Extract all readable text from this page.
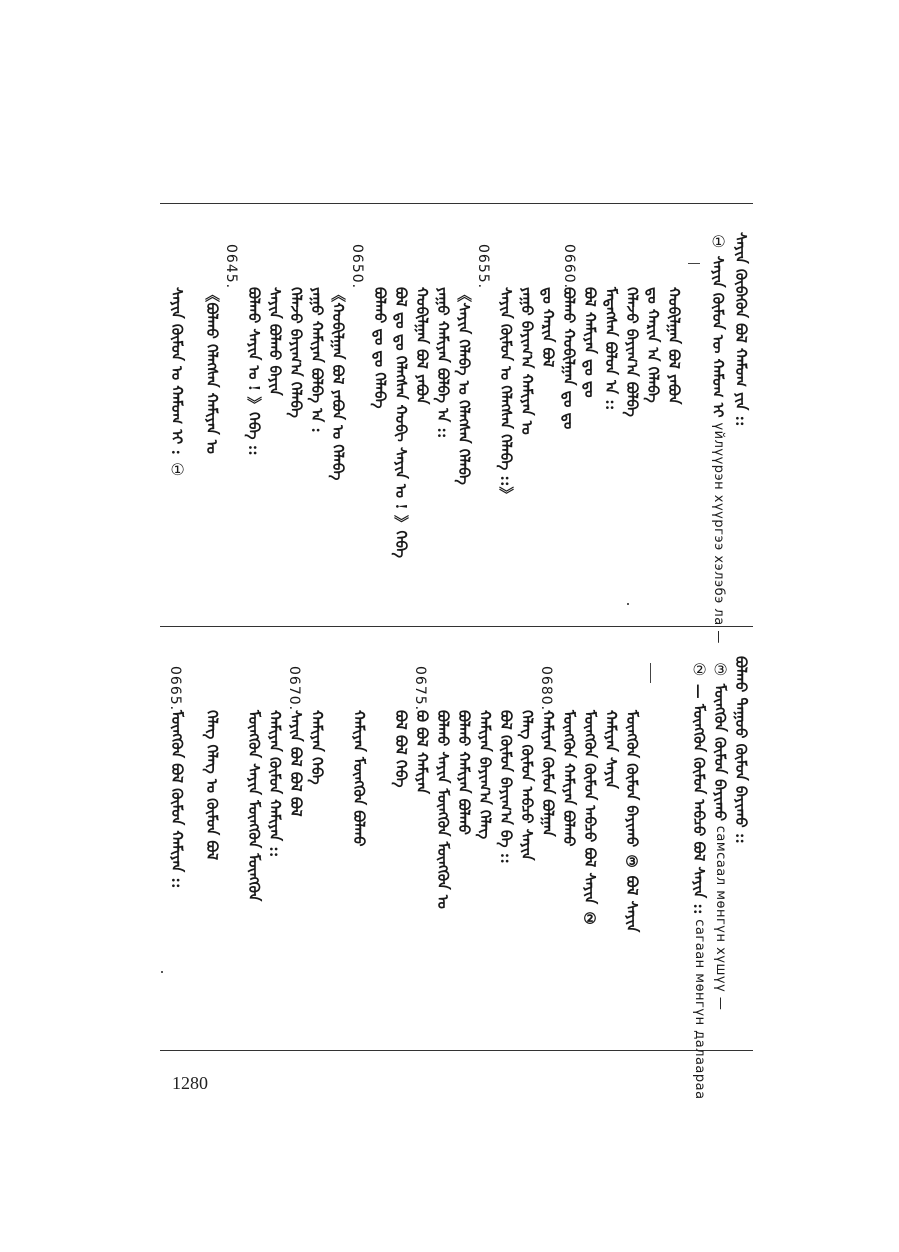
ᠰᠠᠶᠢᠨ ᠬᠥᠪᠡᠭᠦᠨ ᠪᠣᠯ ᠬᠠᠮᠤᠭ ᠶᠢᠨ ::
① ᠰᠠᠶᠢᠨ ᠬᠦᠮᠦᠨ ᠦ ᠬᠠᠮᠤᠭ ᠢ үйлүүрэн хүүргээ хэлэбэ ла —
ᠬᠤᠪᠢᠯᠭᠠᠨ ᠪᠣᠯ ᠶᠠᠪᠤᠨ
ᠳᠤ ᠬᠠᠷᠢᠨ ᠠ ᠬᠡᠯᠡᠪᠡ
ᠬᠡᠯᠡᠵᠦ ᠪᠠᠶᠢᠭ᠎ᠠ ᠪᠣᠯᠪᠠ
ᠮᠡᠳᠡᠭᠰᠡᠨ ᠪᠣᠯᠤᠨ ᠠ ::
ᠪᠣᠯ ᠬᠠᠮᠢᠶᠠᠨ ᠳᠤ ᠳᠤ
ᠪᠣᠯᠬᠤ ᠬᠤᠪᠢᠯᠭᠠᠨ ᠳᠤ ᠳᠤ
ᠳᠤ ᠬᠠᠷᠢᠨ ᠪᠣᠯ
ᠶᠠᠭᠤ ᠪᠠᠶᠢᠭ᠎ᠠ ᠬᠠᠮᠢᠶᠠᠨ ᠤ
ᠰᠠᠶᠢᠨ ᠬᠦᠮᠦᠨ ᠤ ᠬᠡᠯᠡᠭᠰᠡᠨ ᠬᠡᠯᠡᠪᠡ ::》
《ᠰᠠᠶᠢᠨ ᠬᠡᠯᠡᠪᠡ ᠤ ᠬᠡᠯᠡᠭᠰᠡᠨ ᠬᠡᠯᠡᠪᠡ
ᠶᠠᠭᠤ ᠬᠠᠮᠢᠶᠠᠨ ᠪᠣᠯᠪᠠ ᠠ ::
ᠬᠤᠪᠢᠯᠭᠠᠨ ᠪᠣᠯ ᠶᠠᠪᠤᠨ
ᠪᠣᠯ ᠳᠤ ᠳᠤ ᠬᠡᠯᠡᠭᠰᠡᠨ ᠬᠤᠪᠢ ᠰᠠᠶᠢᠨ ᠤ ! 》ᠬᠡᠪᠡ
ᠪᠣᠯᠬᠤ ᠳᠤ ᠳᠤ ᠬᠡᠯᠡᠪᠡ
《ᠬᠤᠪᠢᠯᠭᠠᠨ ᠪᠣᠯ ᠶᠠᠪᠤᠨ ᠤ ᠬᠡᠯᠡᠪᠡ
ᠶᠠᠭᠤ ᠬᠠᠮᠢᠶᠠᠨ ᠪᠣᠯᠪᠠ ᠠ :
ᠬᠡᠯᠡᠵᠦ ᠪᠠᠶᠢᠭ᠎ᠠ ᠬᠡᠯᠡᠪᠡ
ᠰᠠᠶᠢᠨ ᠪᠣᠯᠬᠤ ᠪᠠᠶᠢᠨ
ᠪᠣᠯᠬᠤ ᠰᠠᠶᠢᠨ ᠤ ! 》ᠬᠡᠪᠡ ::
《ᠪᠣᠯᠬᠤ ᠬᠡᠯᠡᠭᠰᠡᠨ ᠬᠠᠮᠢᠶᠠᠨ ᠤ
ᠰᠠᠶᠢᠨ ᠬᠦᠮᠦᠨ ᠤ ᠬᠠᠮᠤᠭ ᠢ : ①
0660.
0655.
0650.
0645.
ᠪᠣᠯᠬᠤ ᠳᠠᠭᠤᠤ ᠬᠦᠮᠦᠨ ᠪᠠᠶᠢᠬᠤ ::
③ ᠮᠦᠩᠭᠦᠨ ᠬᠦᠮᠦᠨ ᠪᠠᠶᠢᠬᠤ самсаал мөнгүн хүшүү —
② — ᠮᠦᠩᠭᠦᠨ ᠬᠦᠮᠦᠨ ᠠᠪᠴᠤ ᠪᠣᠯ ᠰᠠᠶᠢᠨ :: сагаан мөнгүн далаараа
ᠮᠦᠩᠭᠦᠨ ᠬᠦᠮᠦᠨ ᠪᠠᠶᠢᠬᠤ ③ ᠪᠣᠯ ᠰᠠᠶᠢᠨ
ᠬᠠᠮᠢᠶᠠᠨ ᠰᠠᠶᠢᠨ
ᠮᠦᠩᠭᠦᠨ ᠬᠦᠮᠦᠨ ᠠᠪᠴᠤ ᠪᠣᠯ ᠰᠠᠶᠢᠨ ②
ᠮᠦᠩᠭᠦᠨ ᠬᠠᠮᠢᠶᠠᠨ ᠪᠣᠯᠬᠤ
ᠬᠠᠮᠢᠶᠠᠨ ᠬᠦᠮᠦᠨ ᠪᠣᠯᠭᠠᠨ
ᠬᠡᠯᠡᠭ ᠬᠦᠮᠦᠨ ᠠᠪᠴᠤ ᠰᠠᠶᠢᠨ
ᠪᠣᠯ ᠬᠦᠮᠦᠨ ᠪᠠᠶᠢᠭ᠎ᠠ ᠪᠠ ::
ᠬᠠᠮᠢᠶᠠᠨ ᠪᠠᠶᠢᠭ᠎ᠠ ᠬᠡᠯᠡᠭ
ᠪᠣᠯᠬᠤ ᠬᠠᠮᠢᠶᠠᠨ ᠪᠣᠯᠬᠤ
ᠪᠣᠯᠬᠤ ᠰᠠᠶᠢᠨ ᠮᠦᠩᠭᠦᠨ ᠮᠦᠩᠭᠦᠨ ᠤ
ᠪᠣ ᠪᠣᠯ ᠬᠠᠮᠢᠶᠠᠨ
ᠪᠣᠯ ᠪᠣᠯ ᠬᠡᠪᠡ
ᠬᠠᠮᠢᠶᠠᠨ ᠮᠦᠩᠭᠦᠨ ᠪᠣᠯᠬᠤ
ᠬᠠᠮᠢᠶᠠᠨ ᠬᠡᠪᠡ
ᠰᠠᠶᠢᠨ ᠪᠣᠯ ᠪᠣᠯ ᠪᠣᠯ
ᠬᠠᠮᠢᠶᠠᠨ ᠬᠦᠮᠦᠨ ᠬᠠᠮᠢᠶᠠᠨ ::
ᠮᠦᠩᠭᠦᠨ ᠰᠠᠶᠢᠨ ᠮᠦᠩᠭᠦᠨ ᠮᠦᠩᠭᠦᠨ
ᠬᠡᠯᠡᠭ ᠬᠡᠯᠡᠭ ᠤ ᠬᠦᠮᠦᠨ ᠪᠣᠯ
ᠮᠦᠩᠭᠦᠨ ᠪᠣᠯ ᠬᠦᠮᠦᠨ ᠬᠠᠮᠢᠶᠠᠨ ::
0680.
0675.
0670.
0665.
1280
